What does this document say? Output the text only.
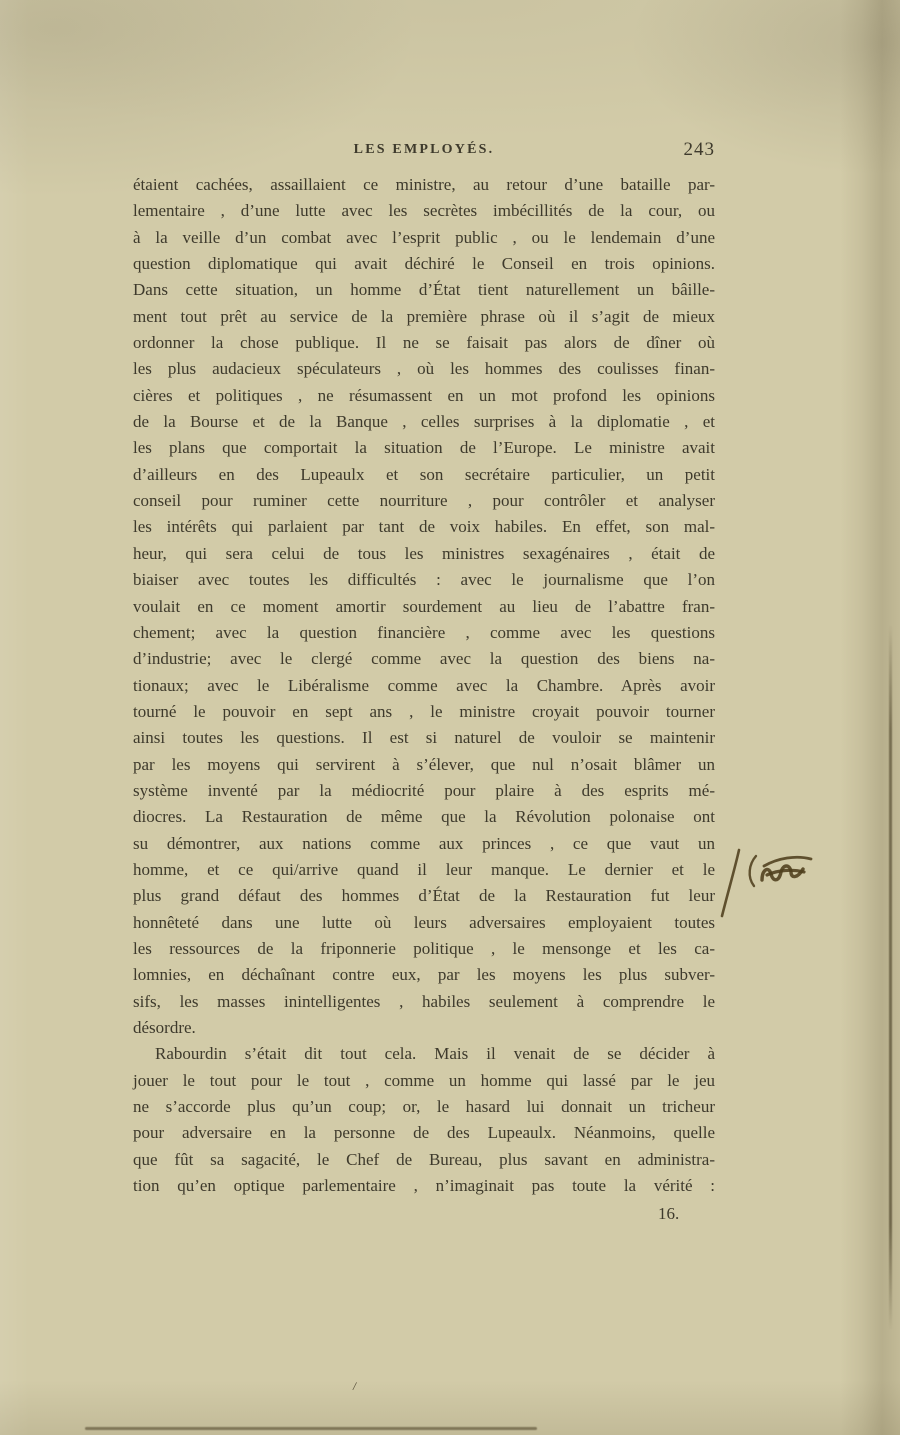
LES EMPLOYÉS.	243
étaient cachées, assaillaient ce ministre, au retour d’une bataille par-
lementaire , d’une lutte avec les secrètes imbécillités de la cour, ou
à la veille d’un combat avec l’esprit public , ou le lendemain d’une
question diplomatique qui avait déchiré le Conseil en trois opinions.
Dans cette situation, un homme d’État tient naturellement un bâille-
ment tout prêt au service de la première phrase où il s’agit de mieux
ordonner la chose publique. Il ne se faisait pas alors de dîner où
les plus audacieux spéculateurs , où les hommes des coulisses finan-
cières et politiques , ne résumassent en un mot profond les opinions
de la Bourse et de la Banque , celles surprises à la diplomatie , et
les plans que comportait la situation de l’Europe. Le ministre avait
d’ailleurs en des Lupeaulx et son secrétaire particulier, un petit
conseil pour ruminer cette nourriture , pour contrôler et analyser
les intérêts qui parlaient par tant de voix habiles. En effet, son mal-
heur, qui sera celui de tous les ministres sexagénaires , était de
biaiser avec toutes les difficultés : avec le journalisme que l’on
voulait en ce moment amortir sourdement au lieu de l’abattre fran-
chement; avec la question financière , comme avec les questions
d’industrie; avec le clergé comme avec la question des biens na-
tionaux; avec le Libéralisme comme avec la Chambre. Après avoir
tourné le pouvoir en sept ans , le ministre croyait pouvoir tourner
ainsi toutes les questions. Il est si naturel de vouloir se maintenir
par les moyens qui servirent à s’élever, que nul n’osait blâmer un
système inventé par la médiocrité pour plaire à des esprits mé-
diocres. La Restauration de même que la Révolution polonaise ont
su démontrer, aux nations comme aux princes , ce que vaut un
homme, et ce qui/arrive quand il leur manque. Le dernier et le
plus grand défaut des hommes d’État de la Restauration fut leur
honnêteté dans une lutte où leurs adversaires employaient toutes
les ressources de la friponnerie politique , le mensonge et les ca-
lomnies, en déchaînant contre eux, par les moyens les plus subver-
sifs, les masses inintelligentes , habiles seulement à comprendre le
désordre.
Rabourdin s’était dit tout cela. Mais il venait de se décider à
jouer le tout pour le tout , comme un homme qui lassé par le jeu
ne s’accorde plus qu’un coup; or, le hasard lui donnait un tricheur
pour adversaire en la personne de des Lupeaulx. Néanmoins, quelle
que fût sa sagacité, le Chef de Bureau, plus savant en administra-
tion qu’en optique parlementaire , n’imaginait pas toute la vérité :
16.
/
